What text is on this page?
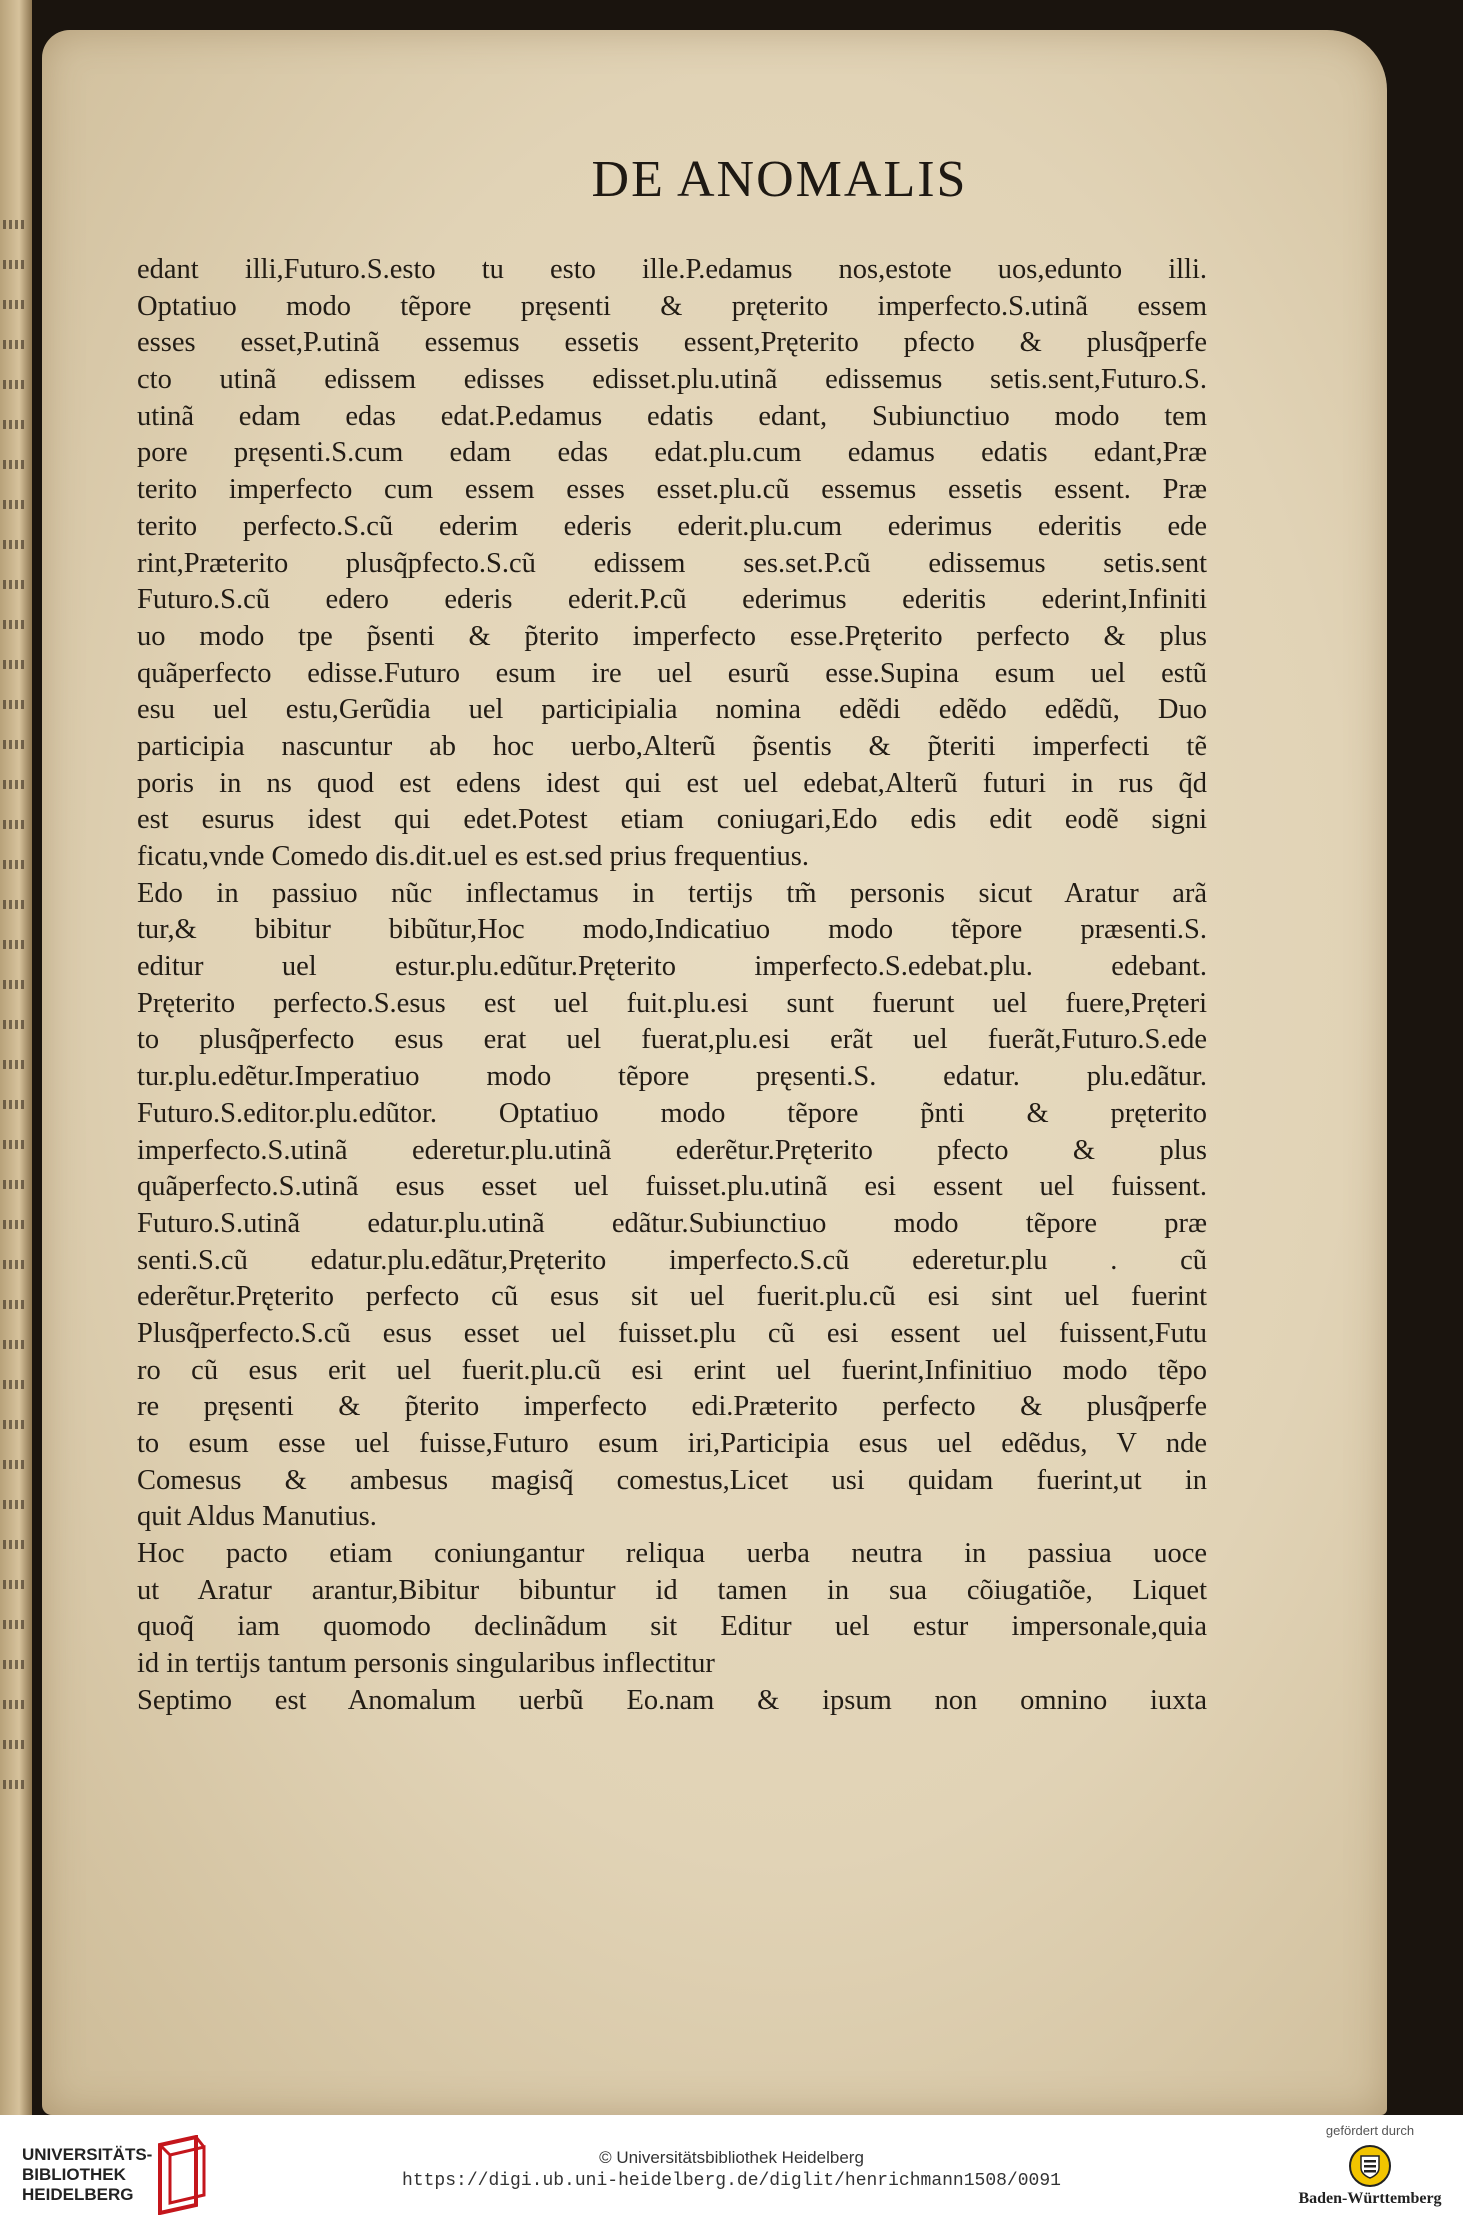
DE ANOMALIS
edant illi,Futuro.S.esto tu esto ille.P.edamus nos,estote uos,edunto illi.
Optatiuo modo tẽpore pręsenti & pręterito imperfecto.S.utinã essem
esses esset,P.utinã essemus essetis essent,Pręterito pfecto & plusq̃perfe
cto utinã edissem edisses edisset.plu.utinã edissemus setis.sent,Futuro.S.
utinã edam edas edat.P.edamus edatis edant, Subiunctiuo modo tem
pore pręsenti.S.cum edam edas edat.plu.cum edamus edatis edant,Præ
terito imperfecto cum essem esses esset.plu.cũ essemus essetis essent. Præ
terito perfecto.S.cũ ederim ederis ederit.plu.cum ederimus ederitis ede
rint,Præterito plusq̃pfecto.S.cũ edissem ses.set.P.cũ edissemus setis.sent
Futuro.S.cũ edero ederis ederit.P.cũ ederimus ederitis ederint,Infiniti
uo modo tpe p̃senti & p̃terito imperfecto esse.Pręterito perfecto & plus
quãperfecto edisse.Futuro esum ire uel esurũ esse.Supina esum uel estũ
esu uel estu,Gerũdia uel participialia nomina edẽdi edẽdo edẽdũ, Duo
participia nascuntur ab hoc uerbo,Alterũ p̃sentis & p̃teriti imperfecti tẽ
poris in ns quod est edens idest qui est uel edebat,Alterũ futuri in rus q̃d
est esurus idest qui edet.Potest etiam coniugari,Edo edis edit eodẽ signi
ficatu,vnde Comedo dis.dit.uel es est.sed prius frequentius.
Edo in passiuo nũc inflectamus in tertijs tm̃ personis sicut Aratur arã
tur,& bibitur bibũtur,Hoc modo,Indicatiuo modo tẽpore præsenti.S.
editur uel estur.plu.edũtur.Pręterito imperfecto.S.edebat.plu. edebant.
Pręterito perfecto.S.esus est uel fuit.plu.esi sunt fuerunt uel fuere,Pręteri
to plusq̃perfecto esus erat uel fuerat,plu.esi erãt uel fuerãt,Futuro.S.ede
tur.plu.edẽtur.Imperatiuo modo tẽpore pręsenti.S. edatur. plu.edãtur.
Futuro.S.editor.plu.edũtor. Optatiuo modo tẽpore p̃nti & pręterito
imperfecto.S.utinã ederetur.plu.utinã ederẽtur.Pręterito pfecto & plus
quãperfecto.S.utinã esus esset uel fuisset.plu.utinã esi essent uel fuissent.
Futuro.S.utinã edatur.plu.utinã edãtur.Subiunctiuo modo tẽpore præ
senti.S.cũ edatur.plu.edãtur,Pręterito imperfecto.S.cũ ederetur.plu . cũ
ederẽtur.Pręterito perfecto cũ esus sit uel fuerit.plu.cũ esi sint uel fuerint
Plusq̃perfecto.S.cũ esus esset uel fuisset.plu cũ esi essent uel fuissent,Futu
ro cũ esus erit uel fuerit.plu.cũ esi erint uel fuerint,Infinitiuo modo tẽpo
re pręsenti & p̃terito imperfecto edi.Præterito perfecto & plusq̃perfe
to esum esse uel fuisse,Futuro esum iri,Participia esus uel edẽdus, V nde
Comesus & ambesus magisq̃ comestus,Licet usi quidam fuerint,ut in
quit Aldus Manutius.
Hoc pacto etiam coniungantur reliqua uerba neutra in passiua uoce
ut Aratur arantur,Bibitur bibuntur id tamen in sua cõiugatiõe, Liquet
quoq̃ iam quomodo declinãdum sit Editur uel estur impersonale,quia
id in tertijs tantum personis singularibus inflectitur
Septimo est Anomalum uerbũ Eo.nam & ipsum non omnino iuxta
UNIVERSITÄTS-
BIBLIOTHEK
HEIDELBERG
© Universitätsbibliothek Heidelberg
https://digi.ub.uni-heidelberg.de/diglit/henrichmann1508/0091
gefördert durch
Baden-Württemberg
